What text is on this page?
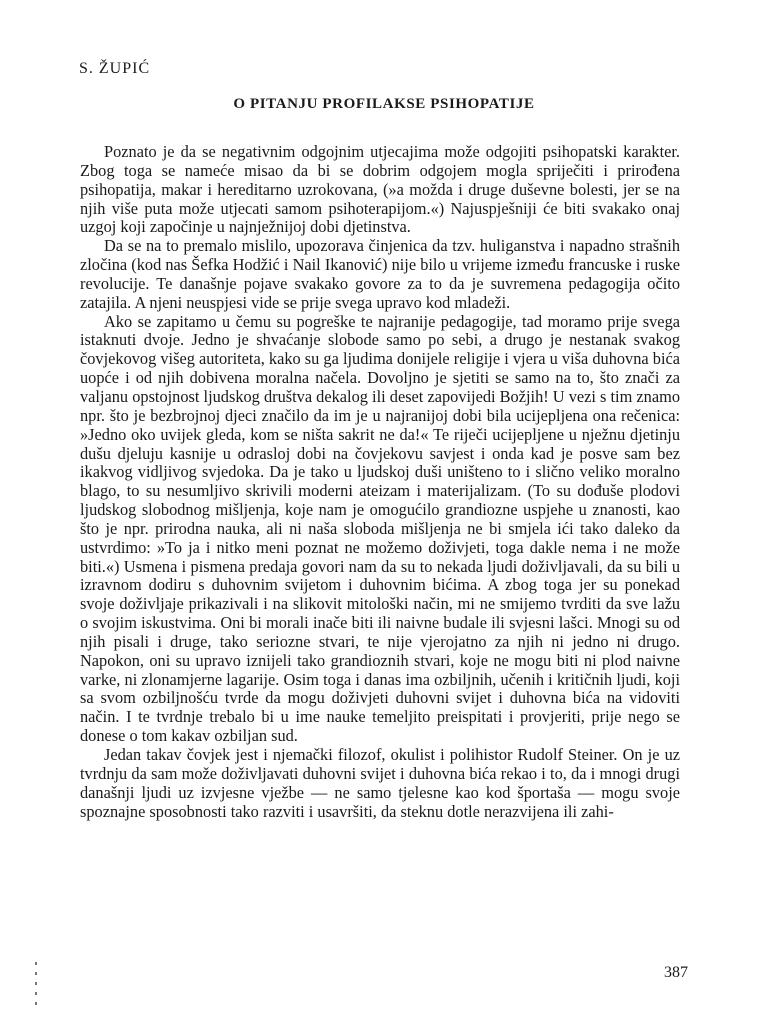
S. ŽUPIĆ
O PITANJU PROFILAKSE PSIHOPATIJE

Poznato je da se negativnim odgojnim utjecajima može odgojiti psihopatski karakter. Zbog toga se nameće misao da bi se dobrim odgojem mogla spriječiti i prirođena psihopatija, makar i hereditarno uzrokovana, (»a možda i druge duševne bolesti, jer se na njih više puta može utjecati samom psihoterapijom.«) Najuspješniji će biti svakako onaj uzgoj koji započinje u najnježnijoj dobi djetinstva.

Da se na to premalo mislilo, upozorava činjenica da tzv. huliganstva i napadno strašnih zločina (kod nas Šefka Hodžić i Nail Ikanović) nije bilo u vrijeme između francuske i ruske revolucije. Te današnje pojave svakako govore za to da je suvremena pedagogija očito zatajila. A njeni neuspjesi vide se prije svega upravo kod mladeži.

Ako se zapitamo u čemu su pogreške te najranije pedagogije, tad moramo prije svega istaknuti dvoje. Jedno je shvaćanje slobode samo po sebi, a drugo je nestanak svakog čovjekovog višeg autoriteta, kako su ga ljudima donijele religije i vjera u viša duhovna bića uopće i od njih dobivena moralna načela. Dovoljno je sjetiti se samo na to, što znači za valjanu opstojnost ljudskog društva dekalog ili deset zapovijedi Božjih! U vezi s tim znamo npr. što je bezbrojnoj djeci značilo da im je u najranijoj dobi bila ucijepljena ona rečenica: »Jedno oko uvijek gleda, kom se ništa sakrit ne da!« Te riječi ucijepljene u nježnu djetinju dušu djeluju kasnije u odrasloj dobi na čovjekovu savjest i onda kad je posve sam bez ikakvog vidljivog svjedoka. Da je tako u ljudskoj duši uništeno to i slično veliko moralno blago, to su nesumljivo skrivili moderni ateizam i materijalizam. (To su dođuše plodovi ljudskog slobodnog mišljenja, koje nam je omogućilo grandiozne uspjehe u znanosti, kao što je npr. prirodna nauka, ali ni naša sloboda mišljenja ne bi smjela ići tako daleko da ustvrdimo: »To ja i nitko meni poznat ne možemo doživjeti, toga dakle nema i ne može biti.«) Usmena i pismena predaja govori nam da su to nekada ljudi doživljavali, da su bili u izravnom dodiru s duhovnim svijetom i duhovnim bićima. A zbog toga jer su ponekad svoje doživljaje prikazivali i na slikovit mitološki način, mi ne smijemo tvrditi da sve lažu o svojim iskustvima. Oni bi morali inače biti ili naivne budale ili svjesni lašci. Mnogi su od njih pisali i druge, tako seriozne stvari, te nije vjerojatno za njih ni jedno ni drugo. Napokon, oni su upravo iznijeli tako grandioznih stvari, koje ne mogu biti ni plod naivne varke, ni zlonamjerne lagarije. Osim toga i danas ima ozbiljnih, učenih i kritičnih ljudi, koji sa svom ozbiljnošću tvrde da mogu doživjeti duhovni svijet i duhovna bića na vidoviti način. I te tvrdnje trebalo bi u ime nauke temeljito preispitati i provjeriti, prije nego se donese o tom kakav ozbiljan sud.

Jedan takav čovjek jest i njemački filozof, okulist i polihistor Rudolf Steiner. On je uz tvrdnju da sam može doživljavati duhovni svijet i duhovna bića rekao i to, da i mnogi drugi današnji ljudi uz izvjesne vježbe — ne samo tjelesne kao kod športaša — mogu svoje spoznajne sposobnosti tako razviti i usavršiti, da steknu dotle nerazvijena ili zahi-

387
